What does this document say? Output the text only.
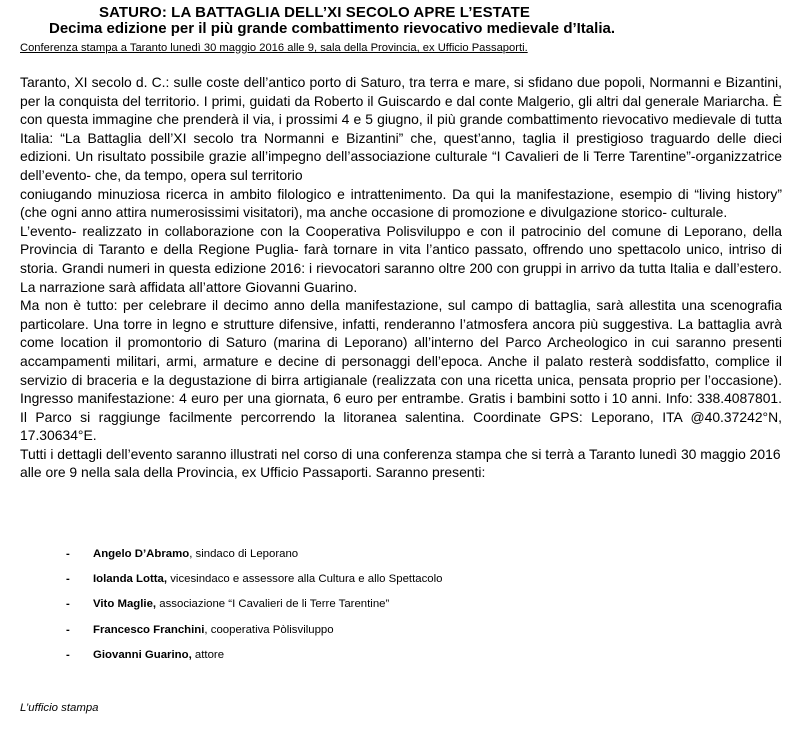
SATURO: LA BATTAGLIA DELL’XI SECOLO APRE L’ESTATE
Decima edizione per il più grande combattimento rievocativo medievale d’Italia.
Conferenza stampa a Taranto lunedì 30 maggio 2016 alle 9, sala della Provincia, ex Ufficio Passaporti.

Taranto, XI secolo d. C.: sulle coste dell’antico porto di Saturo, tra terra e mare, si sfidano due popoli, Normanni e Bizantini, per la conquista del territorio. I primi, guidati da Roberto il Guiscardo e dal conte Malgerio, gli altri dal generale Mariarcha. È con questa immagine che prenderà il via, i prossimi 4 e 5 giugno, il più grande combattimento rievocativo medievale di tutta Italia: “La Battaglia dell’XI secolo tra Normanni e Bizantini” che, quest’anno, taglia il prestigioso traguardo delle dieci edizioni. Un risultato possibile grazie all’impegno dell’associazione culturale “I Cavalieri de li Terre Tarentine”-organizzatrice dell’evento- che, da tempo, opera sul territorio

coniugando minuziosa ricerca in ambito filologico e intrattenimento. Da qui la manifestazione, esempio di “living history” (che ogni anno attira numerosissimi visitatori), ma anche occasione di promozione e divulgazione storico- culturale.

L’evento- realizzato in collaborazione con la Cooperativa Polisviluppo e con il patrocinio del comune di Leporano, della Provincia di Taranto e della Regione Puglia- farà tornare in vita l’antico passato, offrendo uno spettacolo unico, intriso di storia. Grandi numeri in questa edizione 2016: i rievocatori saranno oltre 200 con gruppi in arrivo da tutta Italia e dall’estero. La narrazione sarà affidata all’attore Giovanni Guarino.

Ma non è tutto: per celebrare il decimo anno della manifestazione, sul campo di battaglia, sarà allestita una scenografia particolare. Una torre in legno e strutture difensive, infatti, renderanno l’atmosfera ancora più suggestiva. La battaglia avrà come location il promontorio di Saturo (marina di Leporano) all’interno del Parco Archeologico in cui saranno presenti accampamenti militari, armi, armature e decine di personaggi dell’epoca. Anche il palato resterà soddisfatto, complice il servizio di braceria e la degustazione di birra artigianale (realizzata con una ricetta unica, pensata proprio per l’occasione). Ingresso manifestazione: 4 euro per una giornata, 6 euro per entrambe. Gratis i bambini sotto i 10 anni. Info: 338.4087801. Il Parco si raggiunge facilmente percorrendo la litoranea salentina. Coordinate GPS: Leporano, ITA @40.37242°N, 17.30634°E.

Tutti i dettagli dell’evento saranno illustrati nel corso di una conferenza stampa che si terrà a Taranto lunedì 30 maggio 2016 alle ore 9 nella sala della Provincia, ex Ufficio Passaporti. Saranno presenti:

- Angelo D’Abramo, sindaco di Leporano
- Iolanda Lotta, vicesindaco e assessore alla Cultura e allo Spettacolo
- Vito Maglie, associazione “I Cavalieri de li Terre Tarentine”
- Francesco Franchini, cooperativa Pòlisviluppo
- Giovanni Guarino, attore
L’ufficio stampa
